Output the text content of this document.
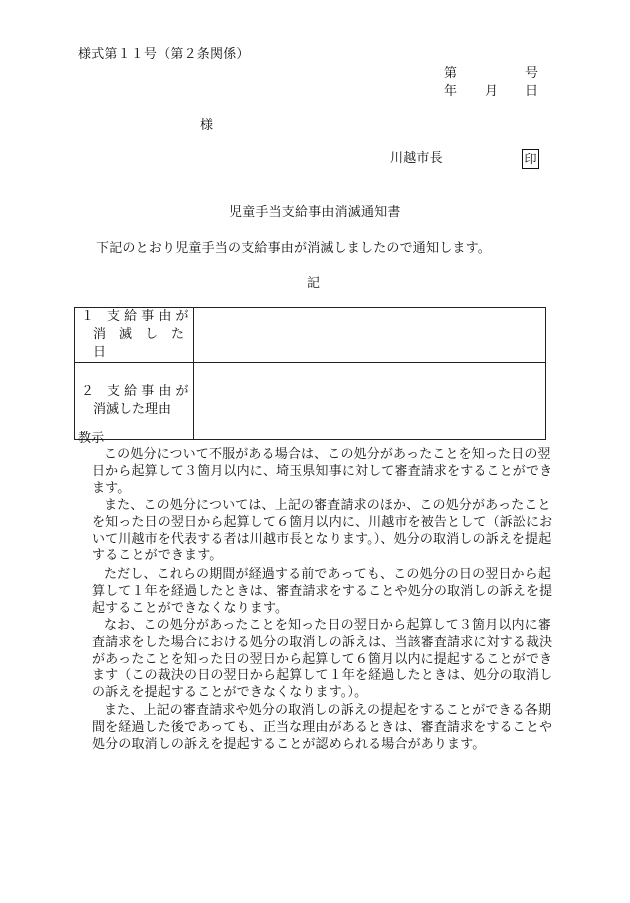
様式第１１号（第２条関係）
第	号
年 月 日
様
川越市長	印
児童手当支給事由消滅通知書
下記のとおり児童手当の支給事由が消滅しましたので通知します。
記
１　支 給 事 由 が
消　滅　し　た　日	

２　支 給 事 由 が
消滅した理由	

教示
この処分について不服がある場合は、この処分があったことを知った日の翌日から起算して３箇月以内に、埼玉県知事に対して審査請求をすることができます。
また、この処分については、上記の審査請求のほか、この処分があったことを知った日の翌日から起算して６箇月以内に、川越市を被告として（訴訟において川越市を代表する者は川越市長となります。）、処分の取消しの訴えを提起することができます。
ただし、これらの期間が経過する前であっても、この処分の日の翌日から起算して１年を経過したときは、審査請求をすることや処分の取消しの訴えを提起することができなくなります。
なお、この処分があったことを知った日の翌日から起算して３箇月以内に審査請求をした場合における処分の取消しの訴えは、当該審査請求に対する裁決があったことを知った日の翌日から起算して６箇月以内に提起することができます（この裁決の日の翌日から起算して１年を経過したときは、処分の取消しの訴えを提起することができなくなります。）。
また、上記の審査請求や処分の取消しの訴えの提起をすることができる各期間を経過した後であっても、正当な理由があるときは、審査請求をすることや処分の取消しの訴えを提起することが認められる場合があります。
